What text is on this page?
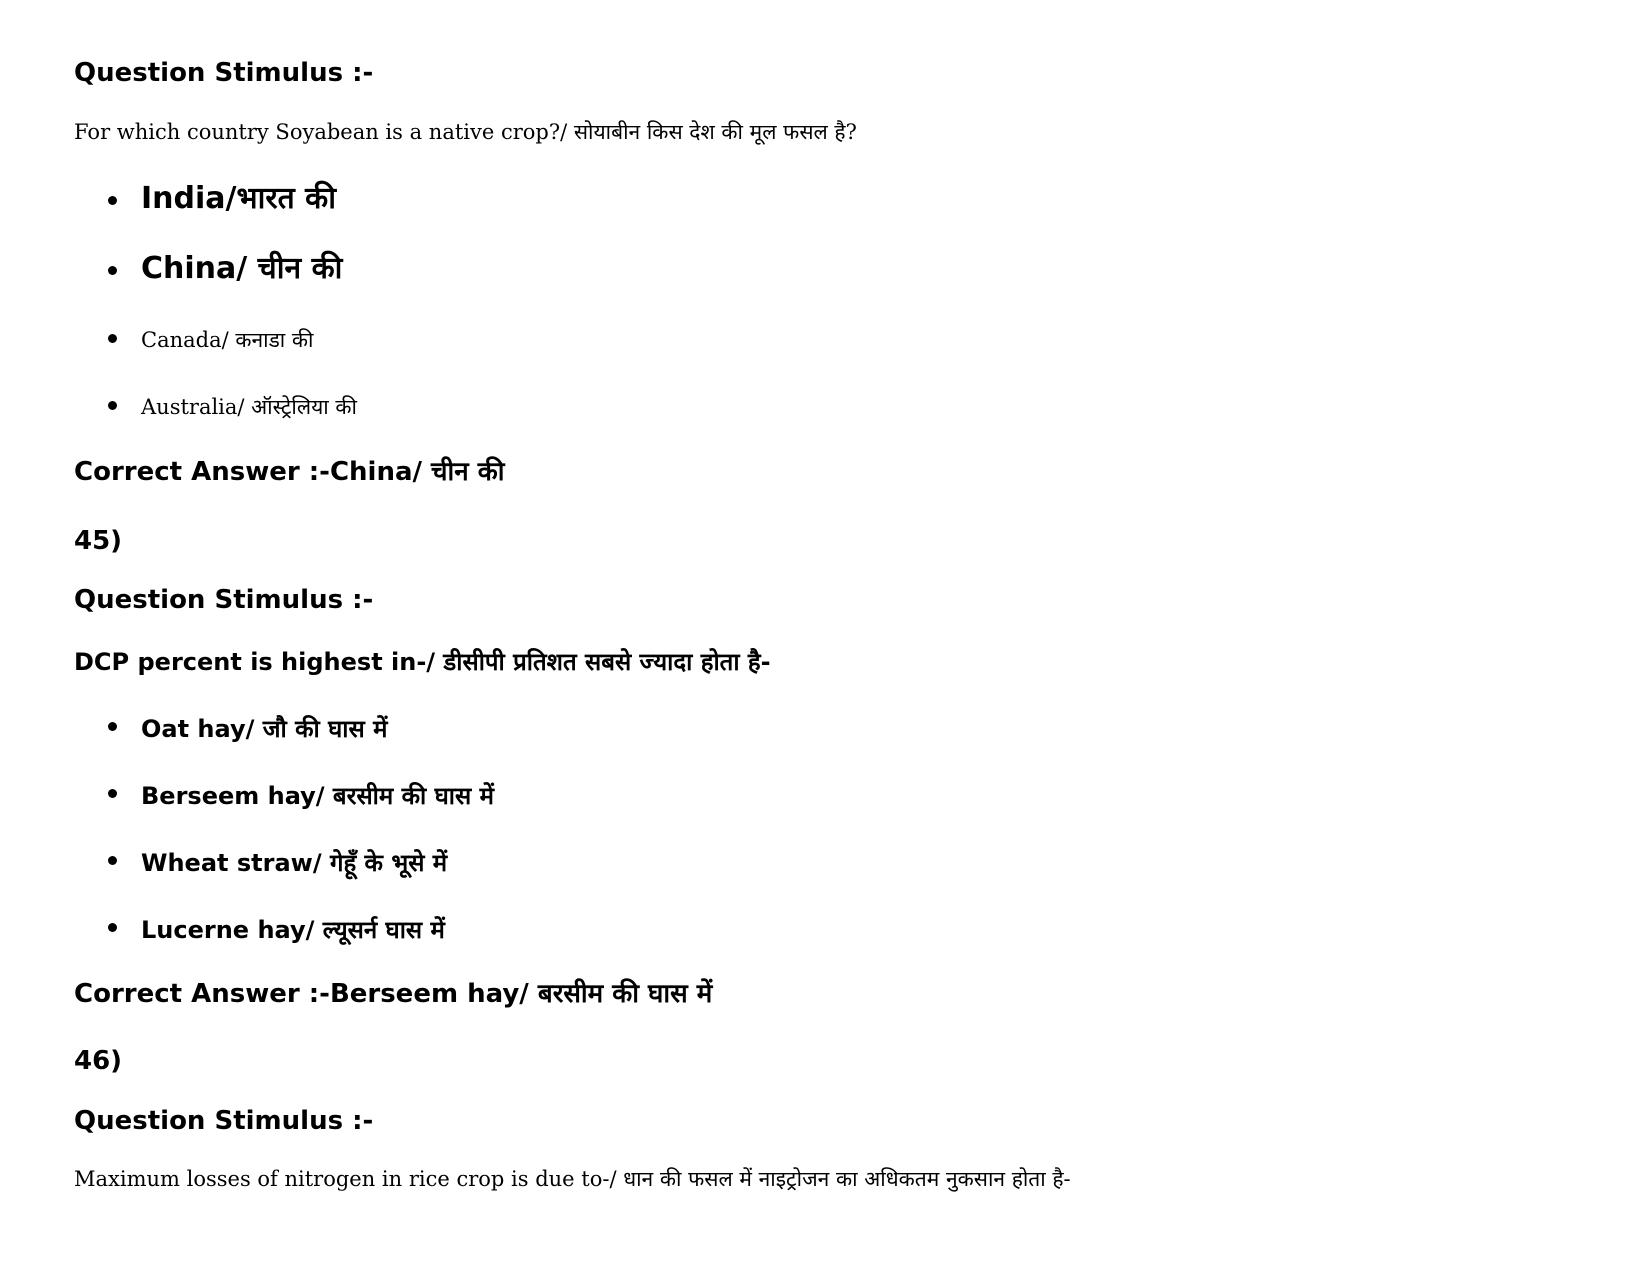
Question Stimulus :-
For which country Soyabean is a native crop?/ सोयाबीन किस देश की मूल फसल है?
India/भारत की
China/ चीन की
Canada/ कनाडा की
Australia/ ऑस्ट्रेलिया की
Correct Answer :-China/ चीन की
45)
Question Stimulus :-
DCP percent is highest in-/ डीसीपी प्रतिशत सबसे ज्यादा होता है-
Oat hay/ जौ की घास में
Berseem hay/ बरसीम की घास में
Wheat straw/ गेहूँ के भूसे में
Lucerne hay/ ल्यूसर्न घास में
Correct Answer :-Berseem hay/ बरसीम की घास में
46)
Question Stimulus :-
Maximum losses of nitrogen in rice crop is due to-/ धान की फसल में नाइट्रोजन का अधिकतम नुकसान होता है-
